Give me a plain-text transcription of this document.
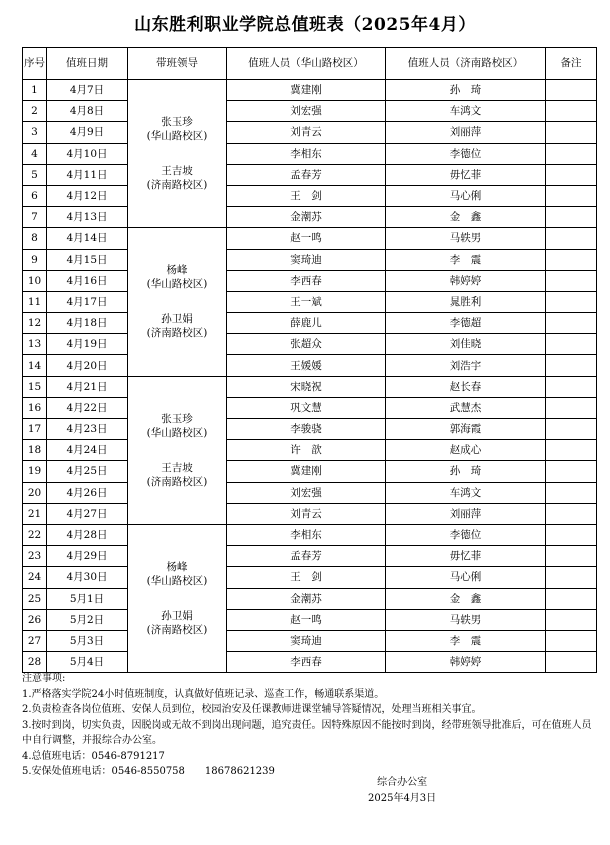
山东胜利职业学院总值班表（2025年4月）
序号	值班日期	带班领导	值班人员（华山路校区）	值班人员（济南路校区）	备注
1	4月7日	张玉珍
(华山路校区)
王吉坡
(济南路校区)	冀建刚	孙　琦	
2	4月8日		刘宏强	车鸿文	
3	4月9日		刘青云	刘丽萍	
4	4月10日		李相东	李德位	
5	4月11日		孟春芳	毋忆菲	
6	4月12日		王　剑	马心俐	
7	4月13日		金潮苏	金　鑫	
8	4月14日	杨峰
(华山路校区)
孙卫娟
(济南路校区)	赵一鸣	马轶男	
9	4月15日		窦琦迪	李　震	
10	4月16日		李西春	韩婷婷	
11	4月17日		王一斌	晁胜利	
12	4月18日		薛鹿儿	李德超	
13	4月19日		张超众	刘佳晓	
14	4月20日		王媛媛	刘浩宇	
15	4月21日	张玉珍
(华山路校区)
王吉坡
(济南路校区)	宋晓祝	赵长春	
16	4月22日		巩文慧	武慧杰	
17	4月23日		李骏骁	郭海霞	
18	4月24日		许　歆	赵成心	
19	4月25日		冀建刚	孙　琦	
20	4月26日		刘宏强	车鸿文	
21	4月27日		刘青云	刘丽萍	
22	4月28日	杨峰
(华山路校区)
孙卫娟
(济南路校区)	李相东	李德位	
23	4月29日		孟春芳	毋忆菲	
24	4月30日		王　剑	马心俐	
25	5月1日		金潮苏	金　鑫	
26	5月2日		赵一鸣	马轶男	
27	5月3日		窦琦迪	李　震	
28	5月4日		李西春	韩婷婷	
注意事项:
1.严格落实学院24小时值班制度，认真做好值班记录、巡查工作，畅通联系渠道。
2.负责检查各岗位值班、安保人员到位，校园治安及任课教师进课堂辅导答疑情况，处理当班相关事宜。
3.按时到岗，切实负责，因脱岗或无故不到岗出现问题，追究责任。因特殊原因不能按时到岗，经带班领导批准后，可在值班人员中自行调整，并报综合办公室。
4.总值班电话：0546-8791217
5.安保处值班电话：0546-8550758　　18678621239
综合办公室
2025年4月3日
